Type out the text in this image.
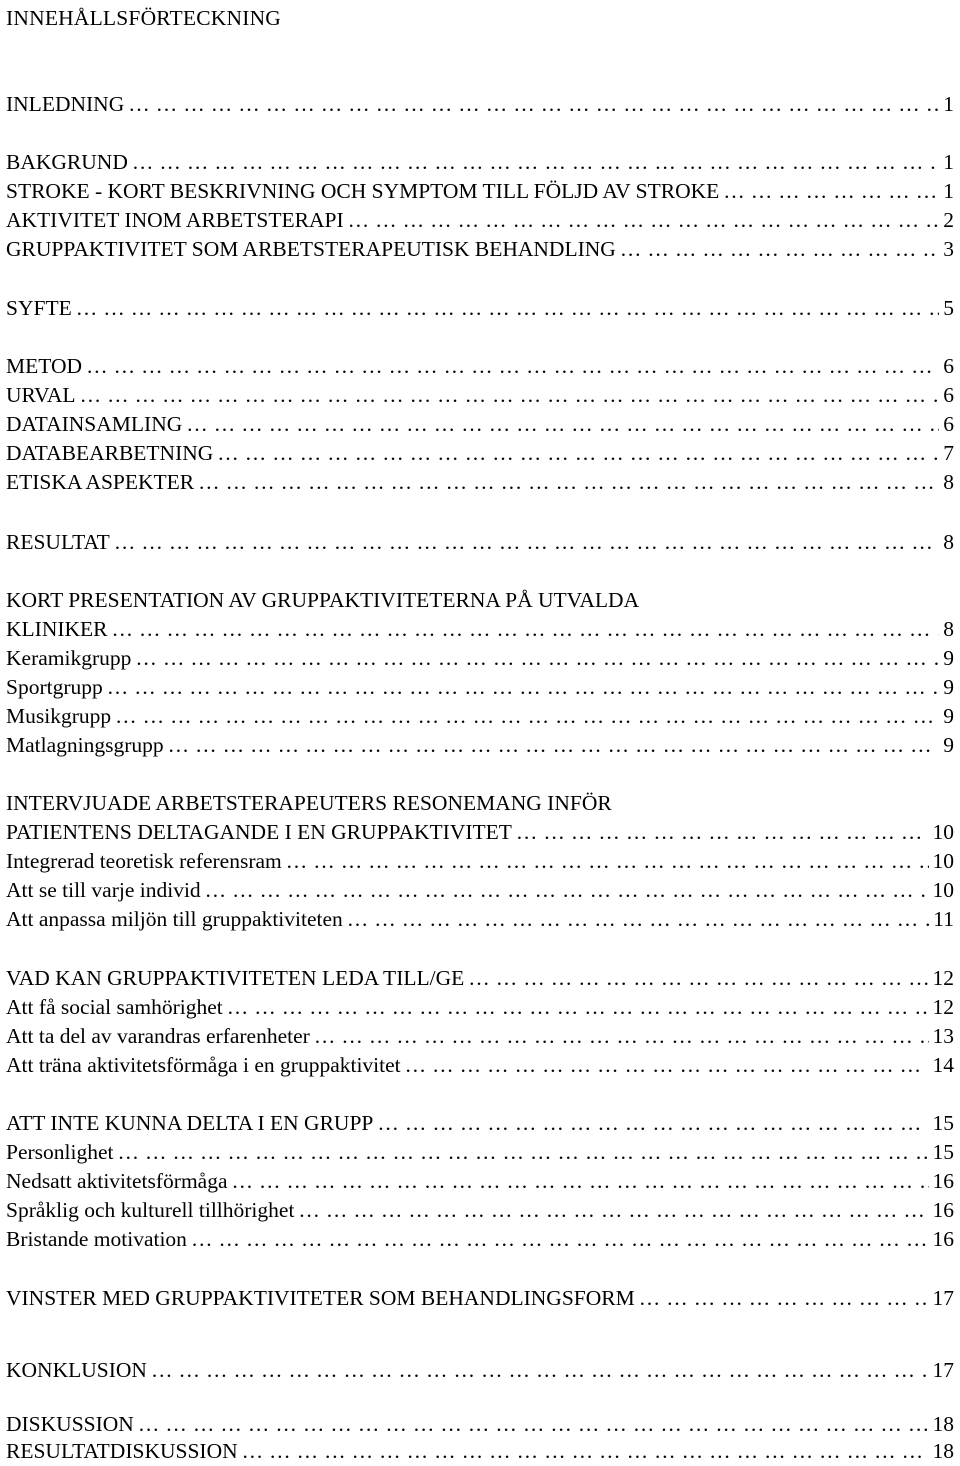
INNEHÅLLSFÖRTECKNING
INLEDNING ……………………………………………………………………………………………………………………………………………………………………………………………………………………	1
BAKGRUND ……………………………………………………………………………………………………………………………………………………………………………………………………………………	1
STROKE - KORT BESKRIVNING OCH SYMPTOM TILL FÖLJD AV STROKE ……………………………………………………………………………………………………………………………………………………………………………………………………………………	1
AKTIVITET INOM ARBETSTERAPI ……………………………………………………………………………………………………………………………………………………………………………………………………………………	2
GRUPPAKTIVITET SOM ARBETSTERAPEUTISK BEHANDLING ……………………………………………………………………………………………………………………………………………………………………………………………………………………	3
SYFTE ……………………………………………………………………………………………………………………………………………………………………………………………………………………	5
METOD ……………………………………………………………………………………………………………………………………………………………………………………………………………………	6
URVAL ……………………………………………………………………………………………………………………………………………………………………………………………………………………	6
DATAINSAMLING ……………………………………………………………………………………………………………………………………………………………………………………………………………………	6
DATABEARBETNING ……………………………………………………………………………………………………………………………………………………………………………………………………………………	7
ETISKA ASPEKTER ……………………………………………………………………………………………………………………………………………………………………………………………………………………	8
RESULTAT ……………………………………………………………………………………………………………………………………………………………………………………………………………………	8
KORT PRESENTATION AV GRUPPAKTIVITETERNA PÅ UTVALDA
KLINIKER ……………………………………………………………………………………………………………………………………………………………………………………………………………………	8
Keramikgrupp ……………………………………………………………………………………………………………………………………………………………………………………………………………………	9
Sportgrupp ……………………………………………………………………………………………………………………………………………………………………………………………………………………	9
Musikgrupp ……………………………………………………………………………………………………………………………………………………………………………………………………………………	9
Matlagningsgrupp ……………………………………………………………………………………………………………………………………………………………………………………………………………………	9
INTERVJUADE ARBETSTERAPEUTERS RESONEMANG INFÖR
PATIENTENS DELTAGANDE I EN GRUPPAKTIVITET ……………………………………………………………………………………………………………………………………………………………………………………………………………………	10
Integrerad teoretisk referensram ……………………………………………………………………………………………………………………………………………………………………………………………………………………	10
Att se till varje individ ……………………………………………………………………………………………………………………………………………………………………………………………………………………	10
Att anpassa miljön till gruppaktiviteten ……………………………………………………………………………………………………………………………………………………………………………………………………………………	11
VAD KAN GRUPPAKTIVITETEN LEDA TILL/GE ……………………………………………………………………………………………………………………………………………………………………………………………………………………	12
Att få social samhörighet ……………………………………………………………………………………………………………………………………………………………………………………………………………………	12
Att ta del av varandras erfarenheter ……………………………………………………………………………………………………………………………………………………………………………………………………………………	13
Att träna aktivitetsförmåga i en gruppaktivitet ……………………………………………………………………………………………………………………………………………………………………………………………………………………	14
ATT INTE KUNNA DELTA I EN GRUPP ……………………………………………………………………………………………………………………………………………………………………………………………………………………	15
Personlighet ……………………………………………………………………………………………………………………………………………………………………………………………………………………	15
Nedsatt aktivitetsförmåga ……………………………………………………………………………………………………………………………………………………………………………………………………………………	16
Språklig och kulturell tillhörighet ……………………………………………………………………………………………………………………………………………………………………………………………………………………	16
Bristande motivation ……………………………………………………………………………………………………………………………………………………………………………………………………………………	16
VINSTER MED GRUPPAKTIVITETER SOM BEHANDLINGSFORM ……………………………………………………………………………………………………………………………………………………………………………………………………………………	17
KONKLUSION ……………………………………………………………………………………………………………………………………………………………………………………………………………………	17
DISKUSSION ……………………………………………………………………………………………………………………………………………………………………………………………………………………	18
RESULTATDISKUSSION ……………………………………………………………………………………………………………………………………………………………………………………………………………………	18
